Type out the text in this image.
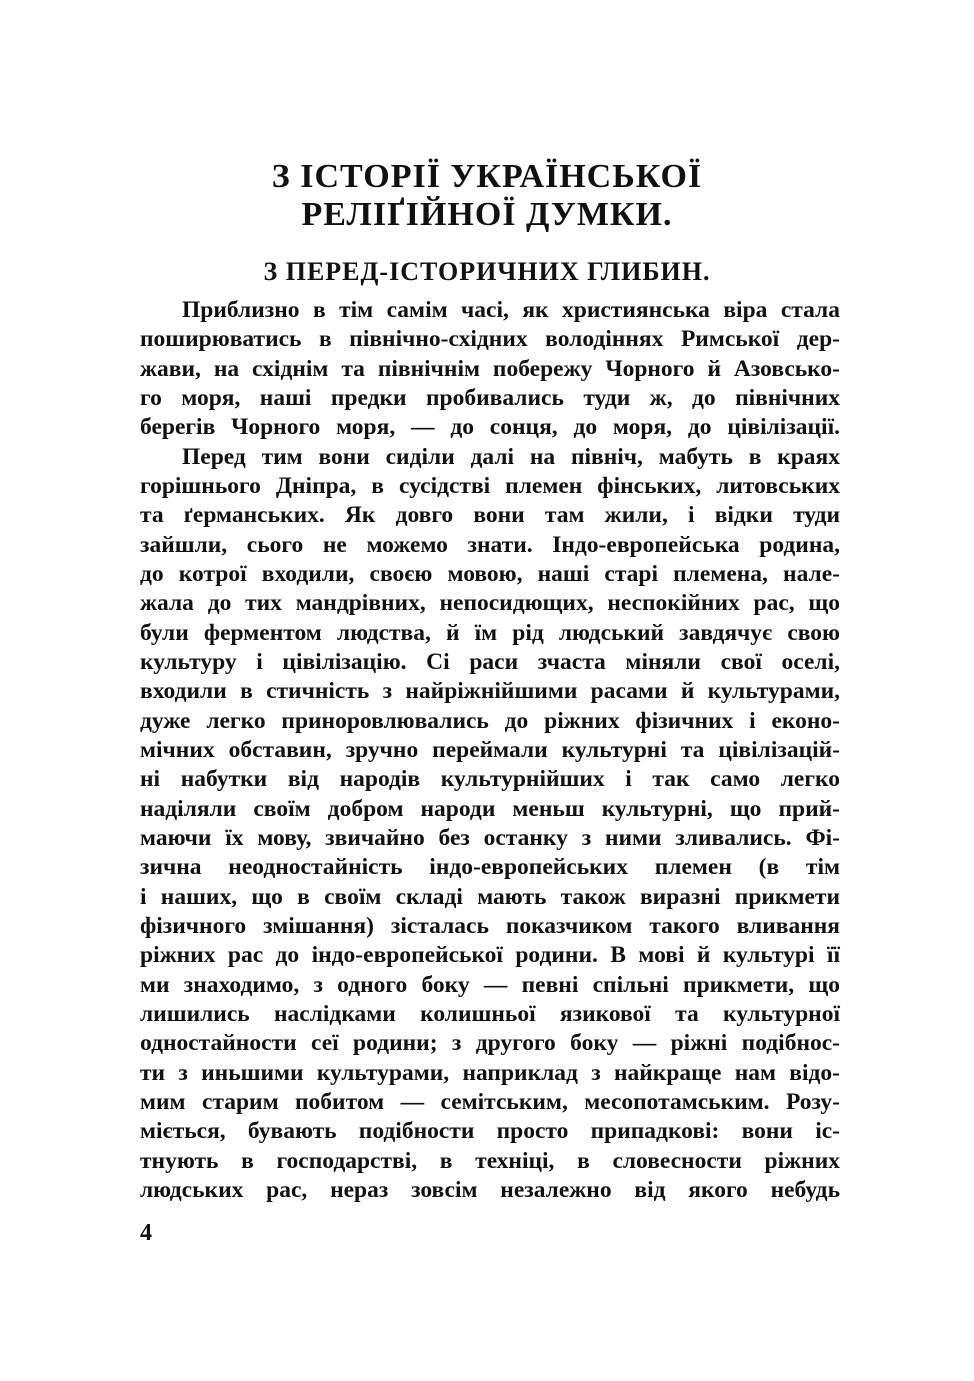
З ІСТОРІЇ УКРАЇНСЬКОЇ
РЕЛІҐІЙНОЇ ДУМКИ.
З ПЕРЕД-ІСТОРИЧНИХ ГЛИБИН.
Приблизно в тім самім часі, як християнська віра стала
поширюватись в північно-східних володіннях Римської дер-
жави, на східнім та північнім побережу Чорного й Азовсько-
го моря, наші предки пробивались туди ж, до північних
берегів Чорного моря, — до сонця, до моря, до цівілізації.
Перед тим вони сиділи далі на північ, мабуть в краях
горішнього Дніпра, в сусідстві племен фінських, литовських
та ґерманських. Як довго вони там жили, і відки туди
зайшли, сього не можемо знати. Індо-европейська родина,
до котрої входили, своєю мовою, наші старі племена, нале-
жала до тих мандрівних, непосидющих, неспокійних рас, що
були ферментом людства, й їм рід людський завдячує свою
культуру і цівілізацію. Сі раси зчаста міняли свої оселі,
входили в стичність з найріжнійшими расами й культурами,
дуже легко приноровлювались до ріжних фізичних і еконо-
мічних обставин, зручно переймали культурні та цівілізацій-
ні набутки від народів культурнійших і так само легко
наділяли своїм добром народи меньш культурні, що прий-
маючи їх мову, звичайно без останку з ними зливались. Фі-
зична неодностайність індо-европейських племен (в тім
і наших, що в своїм складі мають також виразні прикмети
фізичного змішання) зісталась показчиком такого вливання
ріжних рас до індо-европейської родини. В мові й культурі її
ми знаходимо, з одного боку — певні спільні прикмети, що
лишились наслідками колишньої язикової та культурної
одностайности сеї родини; з другого боку — ріжні подібнос-
ти з иньшими культурами, наприклад з найкраще нам відо-
мим старим побитом — семітським, месопотамським. Розу-
міється, бувають подібности просто припадкові: вони іс-
тнують в господарстві, в техніці, в словесности ріжних
людських рас, нераз зовсім незалежно від якого небудь
4
